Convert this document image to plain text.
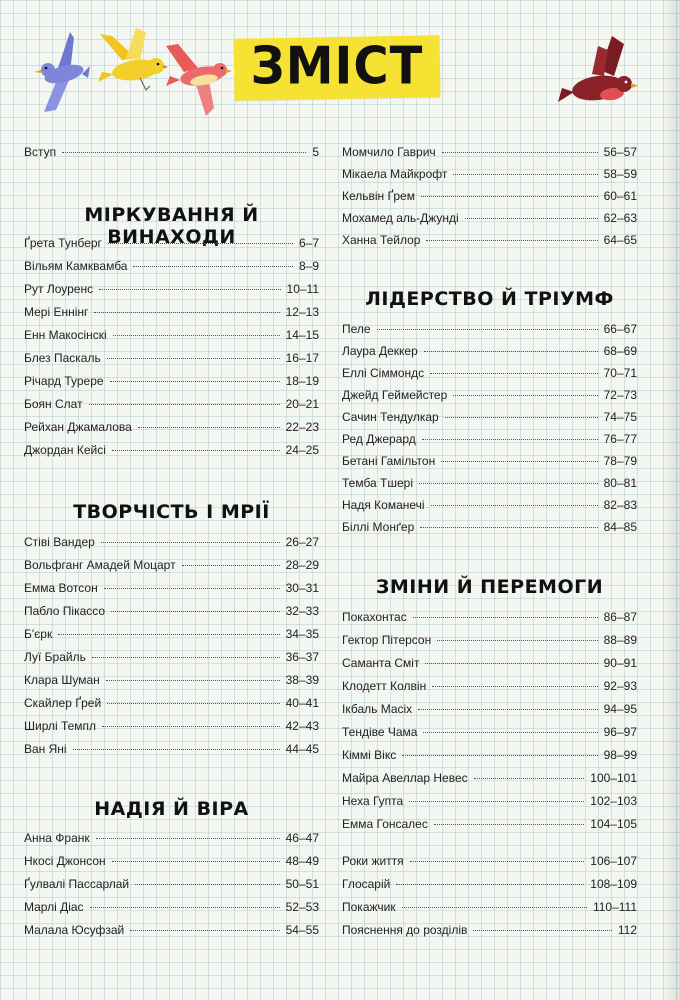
ЗМІСТ
Вступ	5
МІРКУВАННЯ Й ВИНАХОДИ
Ґрета Тунберг	6–7
Вільям Камквамба	8–9
Рут Лоуренс	10–11
Мері Еннінг	12–13
Енн Макосінскі	14–15
Блез Паскаль	16–17
Річард Турере	18–19
Боян Слат	20–21
Рейхан Джамалова	22–23
Джордан Кейсі	24–25
ТВОРЧІСТЬ І МРІЇ
Стіві Вандер	26–27
Вольфганг Амадей Моцарт	28–29
Емма Вотсон	30–31
Пабло Пікассо	32–33
Б'єрк	34–35
Луї Брайль	36–37
Клара Шуман	38–39
Скайлер Ґрей	40–41
Ширлі Темпл	42–43
Ван Яні	44–45
НАДІЯ Й ВІРА
Анна Франк	46–47
Нкосі Джонсон	48–49
Ґулвалі Пассарлай	50–51
Марлі Діас	52–53
Малала Юсуфзай	54–55
Момчило Гаврич	56–57
Мікаела Майкрофт	58–59
Кельвін Ґрем	60–61
Мохамед аль-Джунді	62–63
Ханна Тейлор	64–65
ЛІДЕРСТВО Й ТРІУМФ
Пеле	66–67
Лаура Деккер	68–69
Еллі Сіммондс	70–71
Джейд Геймейстер	72–73
Сачин Тендулкар	74–75
Ред Джерард	76–77
Бетані Гамільтон	78–79
Темба Тшері	80–81
Надя Команечі	82–83
Біллі Монґер	84–85
ЗМІНИ Й ПЕРЕМОГИ
Покахонтас	86–87
Гектор Пітерсон	88–89
Саманта Сміт	90–91
Клодетт Колвін	92–93
Ікбаль Масіх	94–95
Тендіве Чама	96–97
Кіммі Вікс	98–99
Майра Авеллар Невес	100–101
Неха Гупта	102–103
Емма Гонсалес	104–105
Роки життя	106–107
Глосарій	108–109
Покажчик	110–111
Пояснення до розділів	112
